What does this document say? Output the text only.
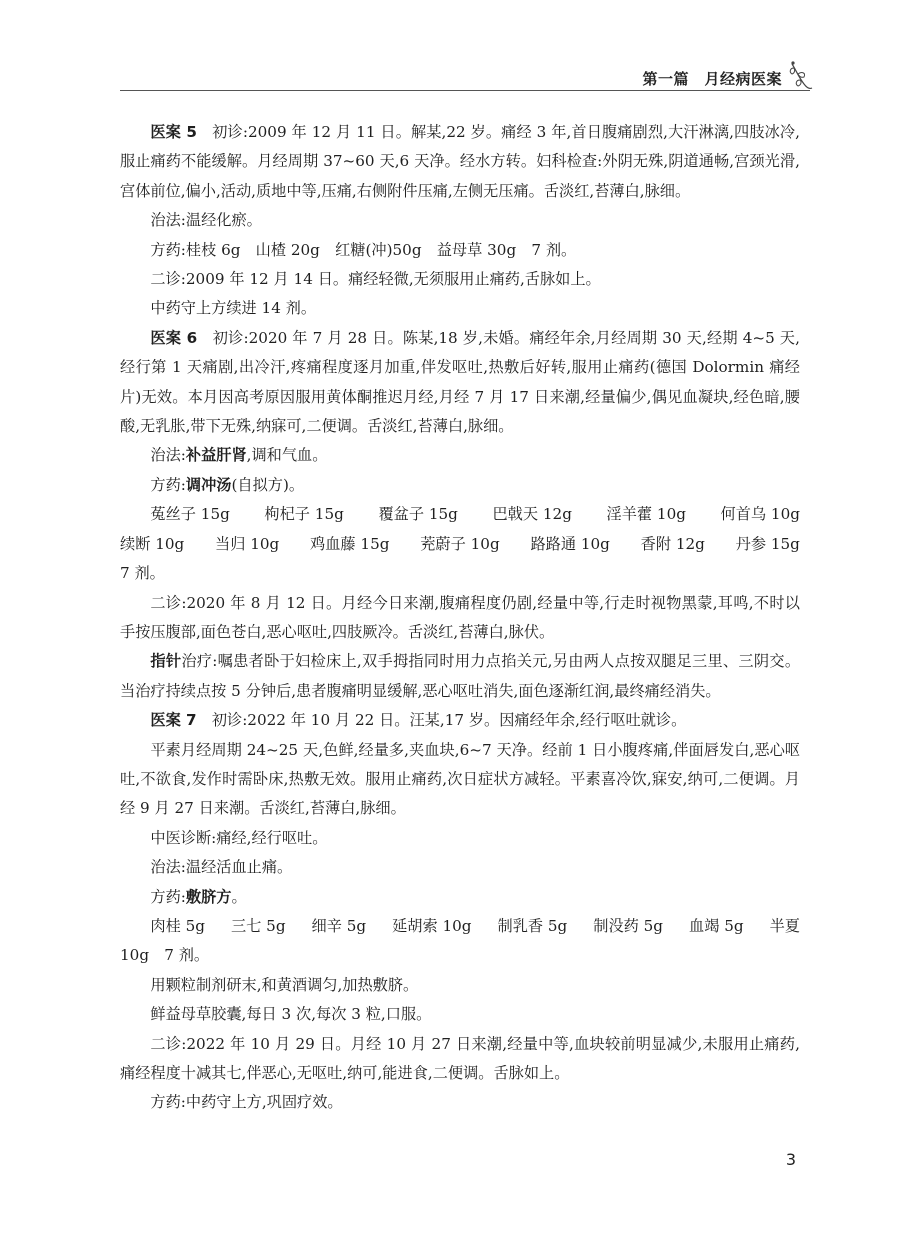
第一篇　月经病医案

医案 5　 初诊:2009 年 12 月 11 日。解某,22 岁。痛经 3 年,首日腹痛剧烈,大汗淋漓,四肢冰冷,服止痛药不能缓解。月经周期 37~60 天,6 天净。经水方转。妇科检查:外阴无殊,阴道通畅,宫颈光滑,宫体前位,偏小,活动,质地中等,压痛,右侧附件压痛,左侧无压痛。舌淡红,苔薄白,脉细。

治法:温经化瘀。

方药:桂枝 6g　山楂 20g　红糖(冲)50g　益母草 30g　7 剂。

二诊:2009 年 12 月 14 日。痛经轻微,无须服用止痛药,舌脉如上。

中药守上方续进 14 剂。

医案 6　 初诊:2020 年 7 月 28 日。陈某,18 岁,未婚。痛经年余,月经周期 30 天,经期 4~5 天,经行第 1 天痛剧,出冷汗,疼痛程度逐月加重,伴发呕吐,热敷后好转,服用止痛药(德国 Dolormin 痛经片)无效。本月因高考原因服用黄体酮推迟月经,月经 7 月 17 日来潮,经量偏少,偶见血凝块,经色暗,腰酸,无乳胀,带下无殊,纳寐可,二便调。舌淡红,苔薄白,脉细。

治法:补益肝肾,调和气血。

方药:调冲汤(自拟方)。

菟丝子 15g 枸杞子 15g 覆盆子 15g 巴戟天 12g 淫羊藿 10g 何首乌 10g
续断 10g 当归 10g 鸡血藤 15g 茺蔚子 10g 路路通 10g 香附 12g 丹参 15g

7 剂。

二诊:2020 年 8 月 12 日。月经今日来潮,腹痛程度仍剧,经量中等,行走时视物黑蒙,耳鸣,不时以手按压腹部,面色苍白,恶心呕吐,四肢厥冷。舌淡红,苔薄白,脉伏。

指针治疗:嘱患者卧于妇检床上,双手拇指同时用力点掐关元,另由两人点按双腿足三里、三阴交。当治疗持续点按 5 分钟后,患者腹痛明显缓解,恶心呕吐消失,面色逐渐红润,最终痛经消失。

医案 7　 初诊:2022 年 10 月 22 日。汪某,17 岁。因痛经年余,经行呕吐就诊。

平素月经周期 24~25 天,色鲜,经量多,夹血块,6~7 天净。经前 1 日小腹疼痛,伴面唇发白,恶心呕吐,不欲食,发作时需卧床,热敷无效。服用止痛药,次日症状方减轻。平素喜冷饮,寐安,纳可,二便调。月经 9 月 27 日来潮。舌淡红,苔薄白,脉细。

中医诊断:痛经,经行呕吐。

治法:温经活血止痛。

方药:敷脐方。

肉桂 5g 三七 5g 细辛 5g 延胡索 10g 制乳香 5g 制没药 5g 血竭 5g 半夏

10g　7 剂。

用颗粒制剂研末,和黄酒调匀,加热敷脐。

鲜益母草胶囊,每日 3 次,每次 3 粒,口服。

二诊:2022 年 10 月 29 日。月经 10 月 27 日来潮,经量中等,血块较前明显减少,未服用止痛药,痛经程度十减其七,伴恶心,无呕吐,纳可,能进食,二便调。舌脉如上。

方药:中药守上方,巩固疗效。

3
